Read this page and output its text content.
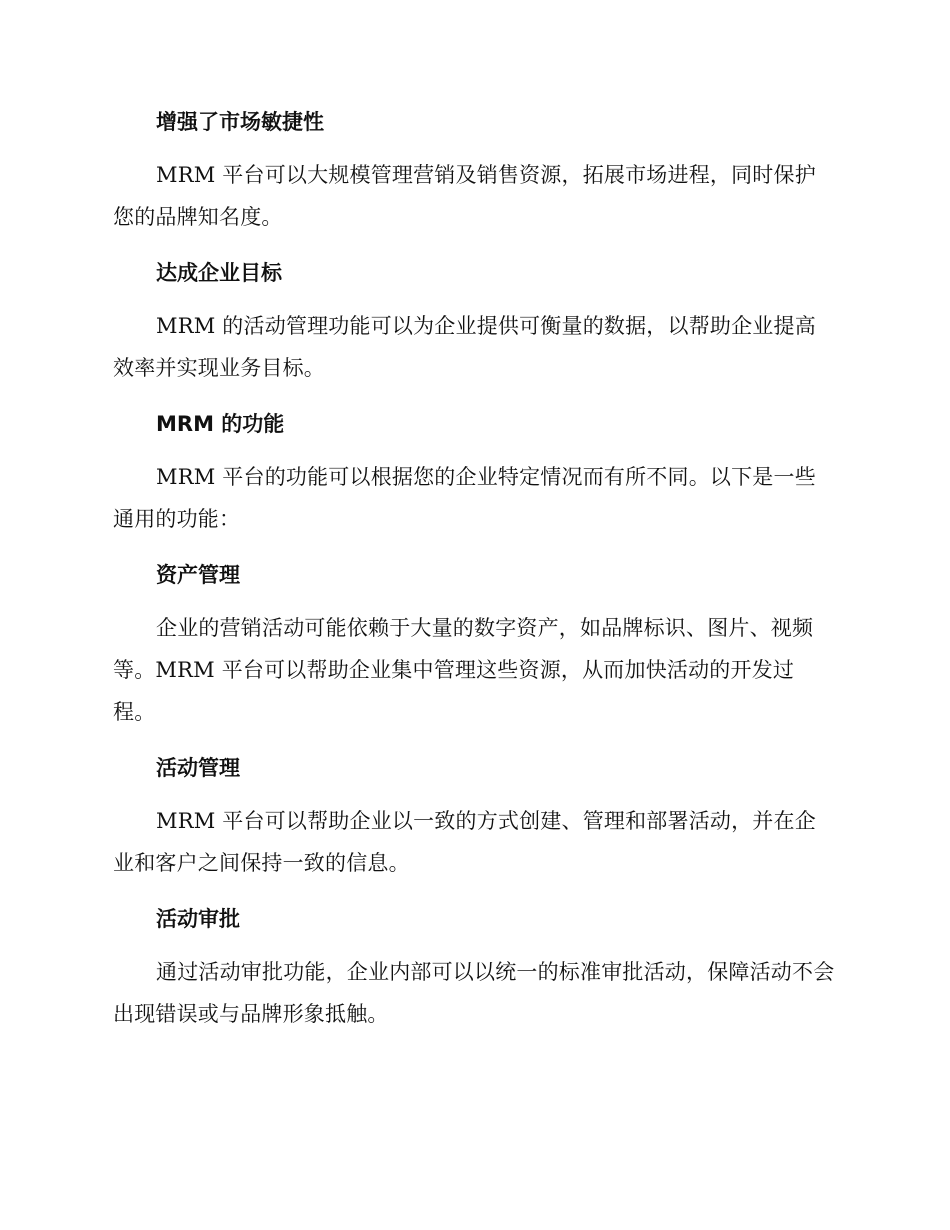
增强了市场敏捷性

MRM 平台可以大规模管理营销及销售资源，拓展市场进程，同时保护您的品牌知名度。

达成企业目标

MRM 的活动管理功能可以为企业提供可衡量的数据，以帮助企业提高效率并实现业务目标。

MRM 的功能

MRM 平台的功能可以根据您的企业特定情况而有所不同。以下是一些通用的功能：

资产管理

企业的营销活动可能依赖于大量的数字资产，如品牌标识、图片、视频等。MRM 平台可以帮助企业集中管理这些资源，从而加快活动的开发过程。

活动管理

MRM 平台可以帮助企业以一致的方式创建、管理和部署活动，并在企业和客户之间保持一致的信息。

活动审批

通过活动审批功能，企业内部可以以统一的标准审批活动，保障活动不会出现错误或与品牌形象抵触。
